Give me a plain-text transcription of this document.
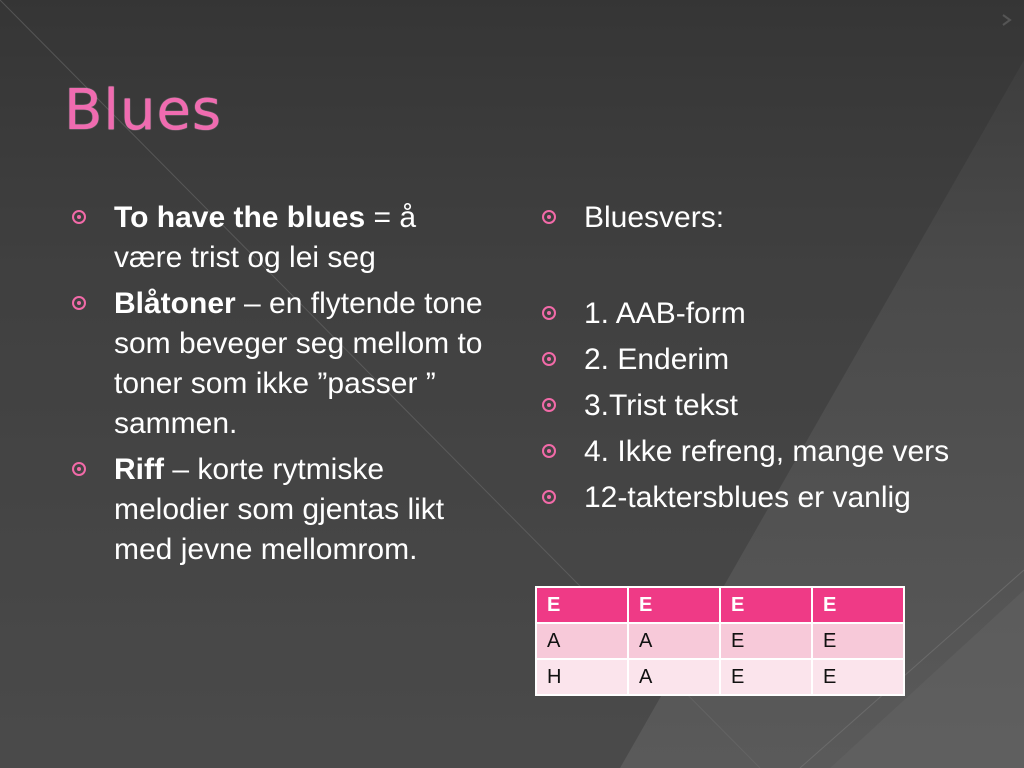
Blues
To have the blues = å være trist og lei seg
Blåtoner – en flytende tone som beveger seg mellom to toner som ikke ”passer ” sammen.
Riff – korte rytmiske melodier som gjentas likt med jevne mellomrom.
Bluesvers:
1. AAB-form
2. Enderim
3.Trist tekst
4. Ikke refreng, mange vers
12-taktersblues er vanlig
E	E	E	E
A	A	E	E
H	A	E	E
